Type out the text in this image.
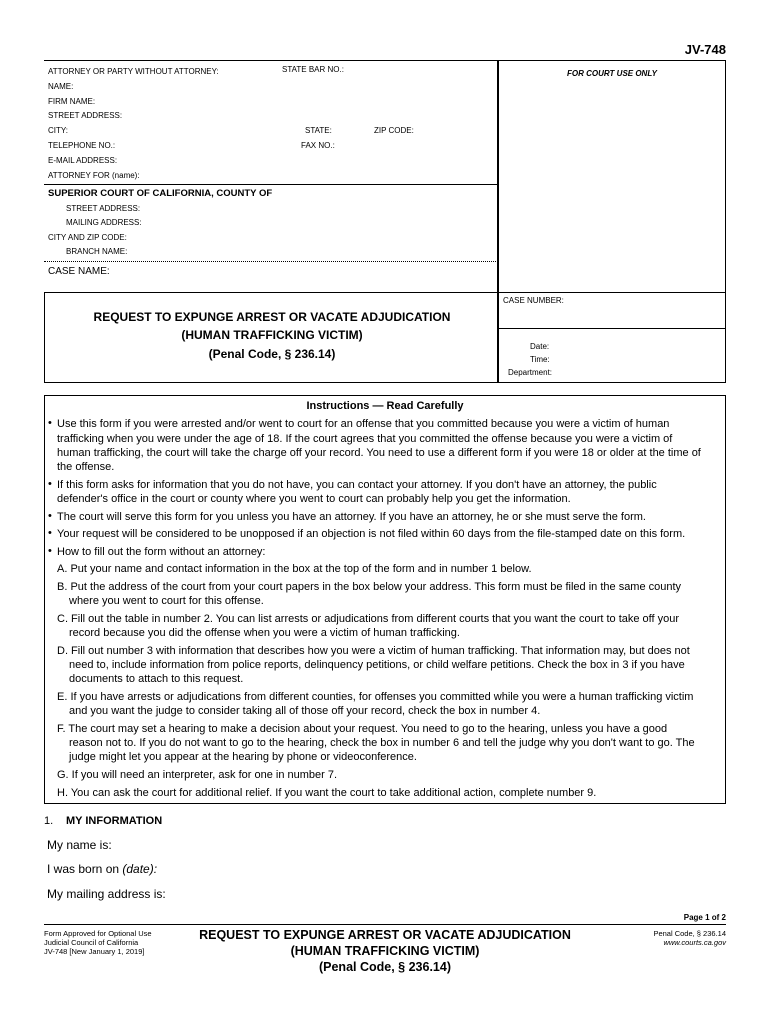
JV-748
ATTORNEY OR PARTY WITHOUT ATTORNEY:	STATE BAR NO.:
NAME:
FIRM NAME:
STREET ADDRESS:
CITY:	STATE:	ZIP CODE:
TELEPHONE NO.:	FAX NO.:
E-MAIL ADDRESS:
ATTORNEY FOR (name):
SUPERIOR COURT OF CALIFORNIA, COUNTY OF
STREET ADDRESS:
MAILING ADDRESS:
CITY AND ZIP CODE:
BRANCH NAME:
CASE NAME:
FOR COURT USE ONLY
REQUEST TO EXPUNGE ARREST OR VACATE ADJUDICATION
(HUMAN TRAFFICKING VICTIM)
(Penal Code, § 236.14)
CASE NUMBER:
Date:
Time:
Department:
Instructions — Read Carefully
• Use this form if you were arrested and/or went to court for an offense that you committed because you were a victim of human
trafficking when you were under the age of 18. If the court agrees that you committed the offense because you were a victim of
human trafficking, the court will take the charge off your record. You need to use a different form if you were 18 or older at the time of
the offense.
• If this form asks for information that you do not have, you can contact your attorney. If you don't have an attorney, the public
defender's office in the court or county where you went to court can probably help you get the information.
• The court will serve this form for you unless you have an attorney. If you have an attorney, he or she must serve the form.
• Your request will be considered to be unopposed if an objection is not filed within 60 days from the file-stamped date on this form.
• How to fill out the form without an attorney:
A. Put your name and contact information in the box at the top of the form and in number 1 below.
B. Put the address of the court from your court papers in the box below your address. This form must be filed in the same county
where you went to court for this offense.
C. Fill out the table in number 2. You can list arrests or adjudications from different courts that you want the court to take off your
record because you did the offense when you were a victim of human trafficking.
D. Fill out number 3 with information that describes how you were a victim of human trafficking. That information may, but does not
need to, include information from police reports, delinquency petitions, or child welfare petitions. Check the box in 3 if you have
documents to attach to this request.
E. If you have arrests or adjudications from different counties, for offenses you committed while you were a human trafficking victim
and you want the judge to consider taking all of those off your record, check the box in number 4.
F. The court may set a hearing to make a decision about your request. You need to go to the hearing, unless you have a good
reason not to. If you do not want to go to the hearing, check the box in number 6 and tell the judge why you don't want to go. The
judge might let you appear at the hearing by phone or videoconference.
G. If you will need an interpreter, ask for one in number 7.
H. You can ask the court for additional relief. If you want the court to take additional action, complete number 9.
1. MY INFORMATION
My name is:
I was born on (date):
My mailing address is:
Page 1 of 2
Form Approved for Optional Use
Judicial Council of California
JV-748 [New January 1, 2019]
REQUEST TO EXPUNGE ARREST OR VACATE ADJUDICATION
(HUMAN TRAFFICKING VICTIM)
(Penal Code, § 236.14)
Penal Code, § 236.14
www.courts.ca.gov
